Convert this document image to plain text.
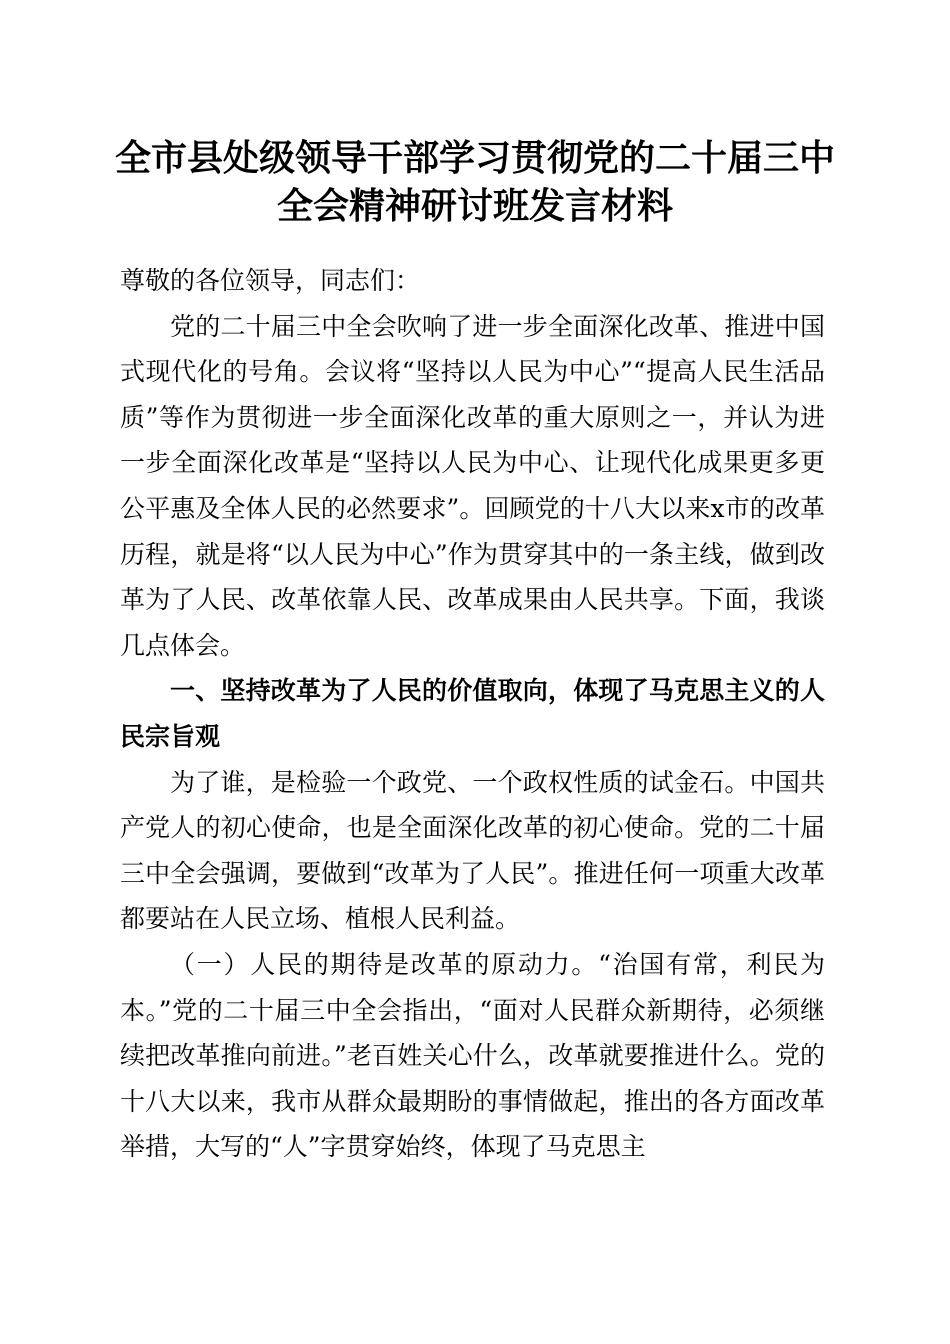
全市县处级领导干部学习贯彻党的二十届三中
全会精神研讨班发言材料

尊敬的各位领导，同志们：

党的二十届三中全会吹响了进一步全面深化改革、推进中国式现代化的号角。会议将“坚持以人民为中心”“提高人民生活品质”等作为贯彻进一步全面深化改革的重大原则之一，并认为进一步全面深化改革是“坚持以人民为中心、让现代化成果更多更公平惠及全体人民的必然要求”。回顾党的十八大以来x市的改革历程，就是将“以人民为中心”作为贯穿其中的一条主线，做到改革为了人民、改革依靠人民、改革成果由人民共享。下面，我谈几点体会。

一、坚持改革为了人民的价值取向，体现了马克思主义的人民宗旨观

为了谁，是检验一个政党、一个政权性质的试金石。中国共产党人的初心使命，也是全面深化改革的初心使命。党的二十届三中全会强调，要做到“改革为了人民”。推进任何一项重大改革都要站在人民立场、植根人民利益。

（一）人民的期待是改革的原动力。“治国有常，利民为本。”党的二十届三中全会指出，“面对人民群众新期待，必须继续把改革推向前进。”老百姓关心什么，改革就要推进什么。党的十八大以来，我市从群众最期盼的事情做起，推出的各方面改革举措，大写的“人”字贯穿始终，体现了马克思主
